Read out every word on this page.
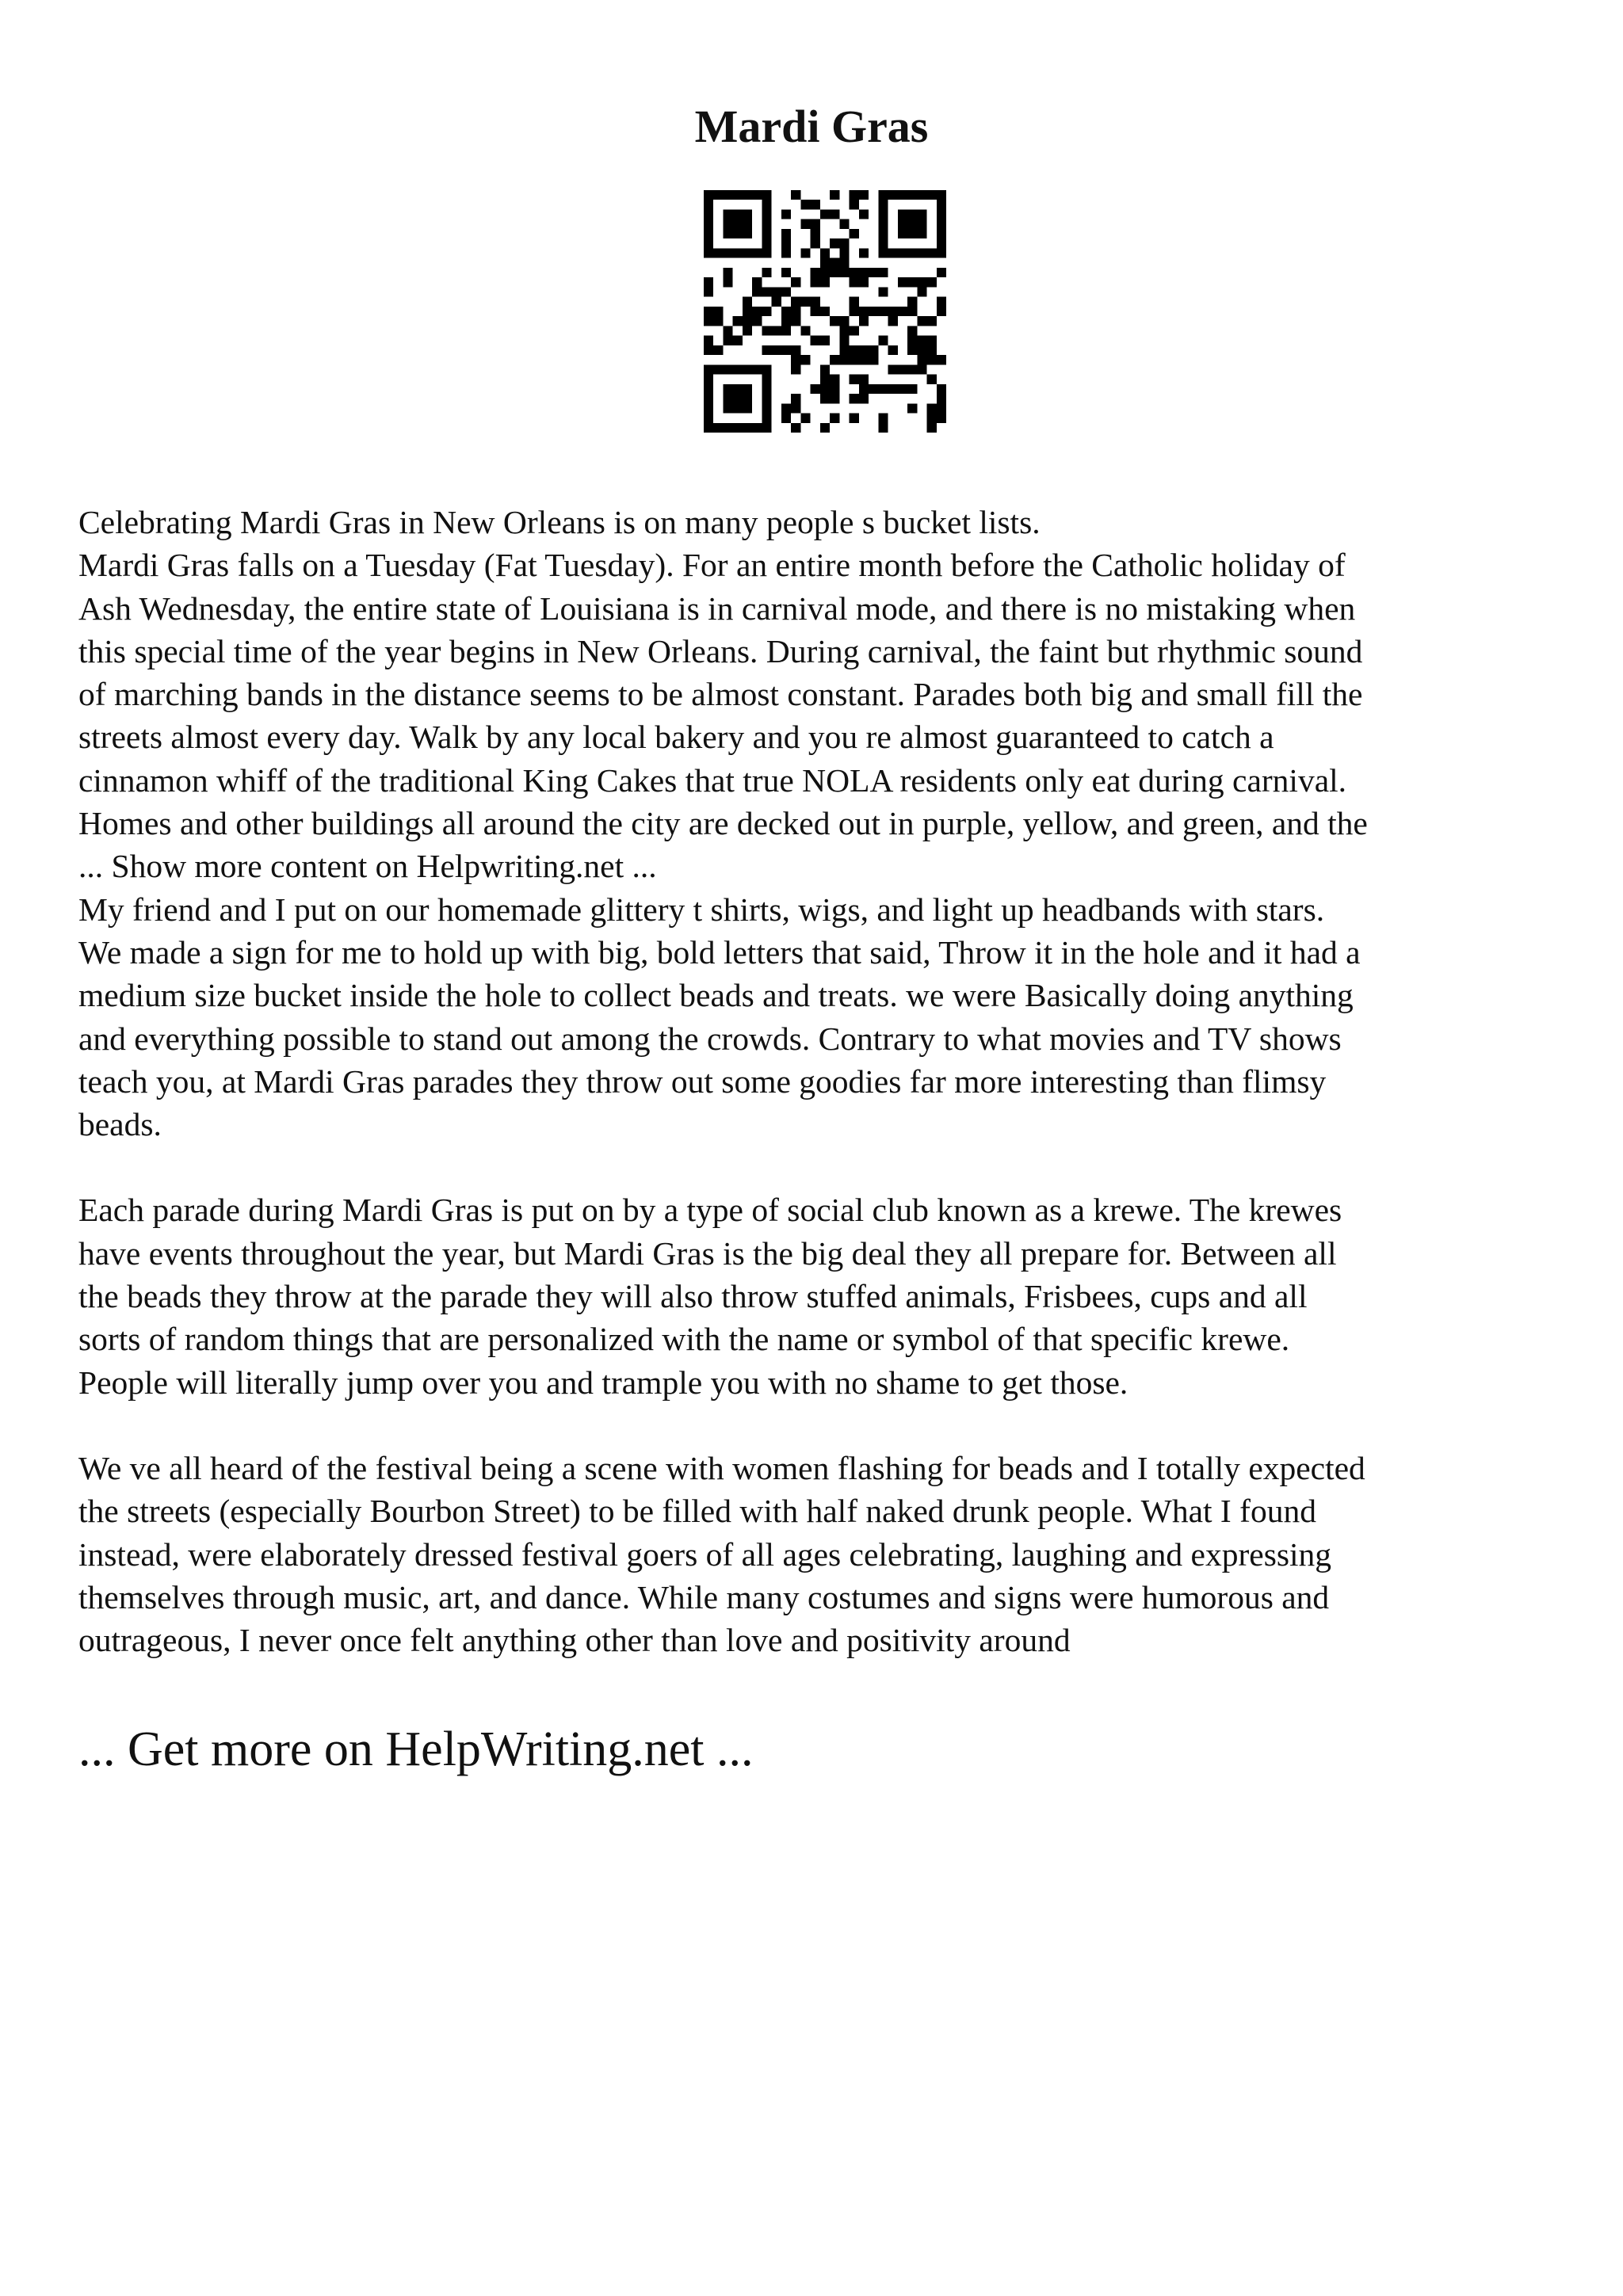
Mardi Gras

Celebrating Mardi Gras in New Orleans is on many people s bucket lists.

Mardi Gras falls on a Tuesday (Fat Tuesday). For an entire month before the Catholic holiday of

Ash Wednesday, the entire state of Louisiana is in carnival mode, and there is no mistaking when

this special time of the year begins in New Orleans. During carnival, the faint but rhythmic sound

of marching bands in the distance seems to be almost constant. Parades both big and small fill the

streets almost every day. Walk by any local bakery and you re almost guaranteed to catch a

cinnamon whiff of the traditional King Cakes that true NOLA residents only eat during carnival.

Homes and other buildings all around the city are decked out in purple, yellow, and green, and the

... Show more content on Helpwriting.net ...

My friend and I put on our homemade glittery t shirts, wigs, and light up headbands with stars.

We made a sign for me to hold up with big, bold letters that said, Throw it in the hole and it had a

medium size bucket inside the hole to collect beads and treats. we were Basically doing anything

and everything possible to stand out among the crowds. Contrary to what movies and TV shows

teach you, at Mardi Gras parades they throw out some goodies far more interesting than flimsy

beads.

Each parade during Mardi Gras is put on by a type of social club known as a krewe. The krewes

have events throughout the year, but Mardi Gras is the big deal they all prepare for. Between all

the beads they throw at the parade they will also throw stuffed animals, Frisbees, cups and all

sorts of random things that are personalized with the name or symbol of that specific krewe.

People will literally jump over you and trample you with no shame to get those.

We ve all heard of the festival being a scene with women flashing for beads and I totally expected

the streets (especially Bourbon Street) to be filled with half naked drunk people. What I found

instead, were elaborately dressed festival goers of all ages celebrating, laughing and expressing

themselves through music, art, and dance. While many costumes and signs were humorous and

outrageous, I never once felt anything other than love and positivity around

... Get more on HelpWriting.net ...
